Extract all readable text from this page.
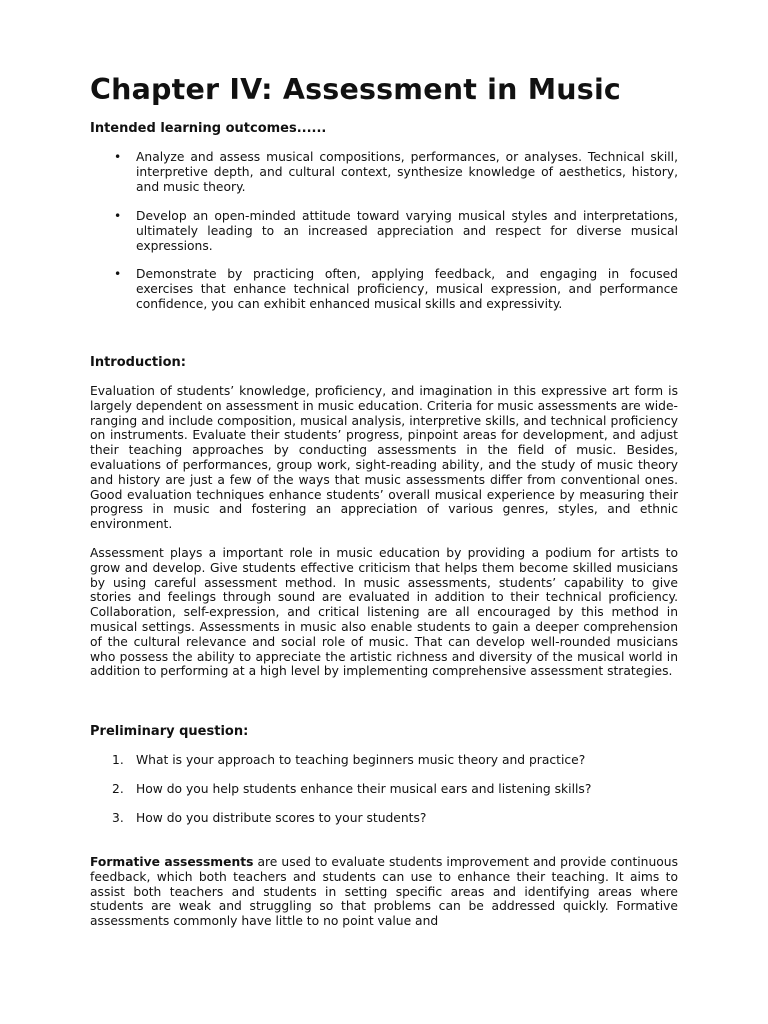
Chapter IV: Assessment in Music

Intended learning outcomes......

• Analyze and assess musical compositions, performances, or analyses. Technical skill, interpretive depth, and cultural context, synthesize knowledge of aesthetics, history, and music theory.
• Develop an open-minded attitude toward varying musical styles and interpretations, ultimately leading to an increased appreciation and respect for diverse musical expressions.
• Demonstrate by practicing often, applying feedback, and engaging in focused exercises that enhance technical proficiency, musical expression, and performance confidence, you can exhibit enhanced musical skills and expressivity.

Introduction:

Evaluation of students’ knowledge, proficiency, and imagination in this expressive art form is largely dependent on assessment in music education. Criteria for music assessments are wide-ranging and include composition, musical analysis, interpretive skills, and technical proficiency on instruments. Evaluate their students’ progress, pinpoint areas for development, and adjust their teaching approaches by conducting assessments in the field of music. Besides, evaluations of performances, group work, sight-reading ability, and the study of music theory and history are just a few of the ways that music assessments differ from conventional ones. Good evaluation techniques enhance students’ overall musical experience by measuring their progress in music and fostering an appreciation of various genres, styles, and ethnic environment.

Assessment plays a important role in music education by providing a podium for artists to grow and develop. Give students effective criticism that helps them become skilled musicians by using careful assessment method. In music assessments, students’ capability to give stories and feelings through sound are evaluated in addition to their technical proficiency. Collaboration, self-expression, and critical listening are all encouraged by this method in musical settings. Assessments in music also enable students to gain a deeper comprehension of the cultural relevance and social role of music. That can develop well-rounded musicians who possess the ability to appreciate the artistic richness and diversity of the musical world in addition to performing at a high level by implementing comprehensive assessment strategies.

Preliminary question:

1. What is your approach to teaching beginners music theory and practice?
2. How do you help students enhance their musical ears and listening skills?
3. How do you distribute scores to your students?

Formative assessments are used to evaluate students improvement and provide continuous feedback, which both teachers and students can use to enhance their teaching. It aims to assist both teachers and students in setting specific areas and identifying areas where students are weak and struggling so that problems can be addressed quickly. Formative assessments commonly have little to no point value and
